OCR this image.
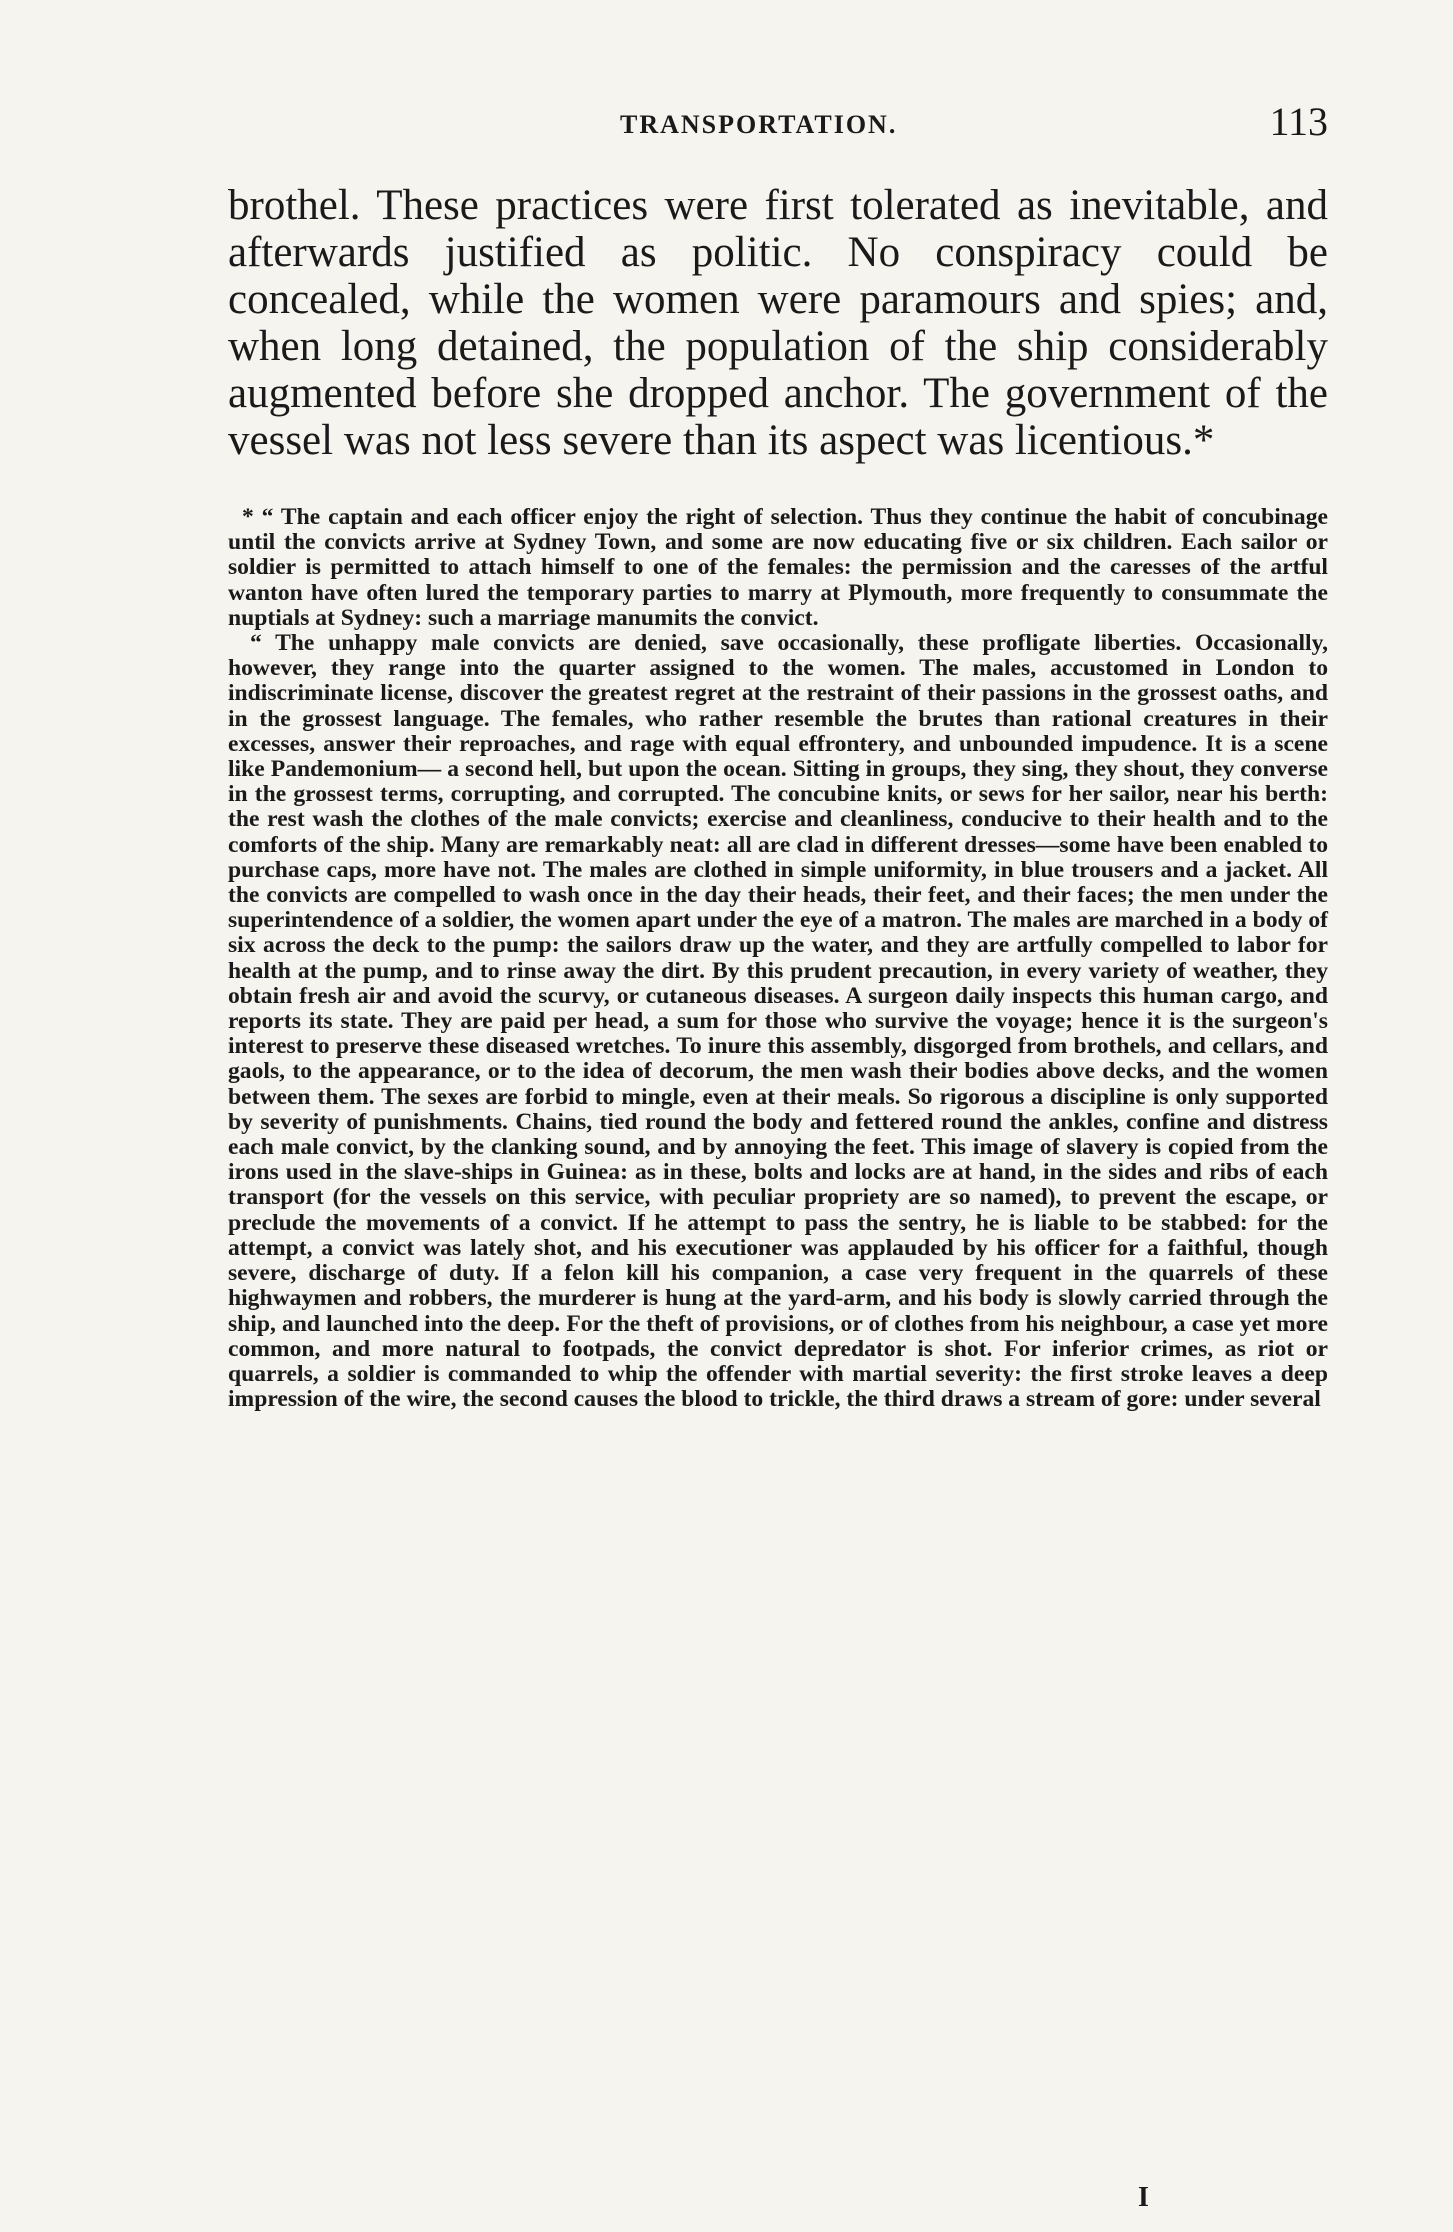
TRANSPORTATION.	113

brothel. These practices were first tolerated as inevitable, and afterwards justified as politic. No conspiracy could be concealed, while the women were paramours and spies; and, when long detained, the population of the ship considerably augmented before she dropped anchor. The government of the vessel was not less severe than its aspect was licentious.*

* “ The captain and each officer enjoy the right of selection. Thus they continue the habit of concubinage until the convicts arrive at Sydney Town, and some are now educating five or six children. Each sailor or soldier is permitted to attach himself to one of the females: the permission and the caresses of the artful wanton have often lured the temporary parties to marry at Plymouth, more frequently to consummate the nuptials at Sydney: such a marriage manumits the convict.

“ The unhappy male convicts are denied, save occasionally, these profligate liberties. Occasionally, however, they range into the quarter assigned to the women. The males, accustomed in London to indiscriminate license, discover the greatest regret at the restraint of their passions in the grossest oaths, and in the grossest language. The females, who rather resemble the brutes than rational creatures in their excesses, answer their reproaches, and rage with equal effrontery, and unbounded impudence. It is a scene like Pandemonium— a second hell, but upon the ocean. Sitting in groups, they sing, they shout, they converse in the grossest terms, corrupting, and corrupted. The concubine knits, or sews for her sailor, near his berth: the rest wash the clothes of the male convicts; exercise and cleanliness, conducive to their health and to the comforts of the ship. Many are remarkably neat: all are clad in different dresses—some have been enabled to purchase caps, more have not. The males are clothed in simple uniformity, in blue trousers and a jacket. All the convicts are compelled to wash once in the day their heads, their feet, and their faces; the men under the superintendence of a soldier, the women apart under the eye of a matron. The males are marched in a body of six across the deck to the pump: the sailors draw up the water, and they are artfully compelled to labor for health at the pump, and to rinse away the dirt. By this prudent precaution, in every variety of weather, they obtain fresh air and avoid the scurvy, or cutaneous diseases. A surgeon daily inspects this human cargo, and reports its state. They are paid per head, a sum for those who survive the voyage; hence it is the surgeon's interest to preserve these diseased wretches. To inure this assembly, disgorged from brothels, and cellars, and gaols, to the appearance, or to the idea of decorum, the men wash their bodies above decks, and the women between them. The sexes are forbid to mingle, even at their meals. So rigorous a discipline is only supported by severity of punishments. Chains, tied round the body and fettered round the ankles, confine and distress each male convict, by the clanking sound, and by annoying the feet. This image of slavery is copied from the irons used in the slave-ships in Guinea: as in these, bolts and locks are at hand, in the sides and ribs of each transport (for the vessels on this service, with peculiar propriety are so named), to prevent the escape, or preclude the movements of a convict. If he attempt to pass the sentry, he is liable to be stabbed: for the attempt, a convict was lately shot, and his executioner was applauded by his officer for a faithful, though severe, discharge of duty. If a felon kill his companion, a case very frequent in the quarrels of these highwaymen and robbers, the murderer is hung at the yard-arm, and his body is slowly carried through the ship, and launched into the deep. For the theft of provisions, or of clothes from his neighbour, a case yet more common, and more natural to footpads, the convict depredator is shot. For inferior crimes, as riot or quarrels, a soldier is commanded to whip the offender with martial severity: the first stroke leaves a deep impression of the wire, the second causes the blood to trickle, the third draws a stream of gore: under several

I
